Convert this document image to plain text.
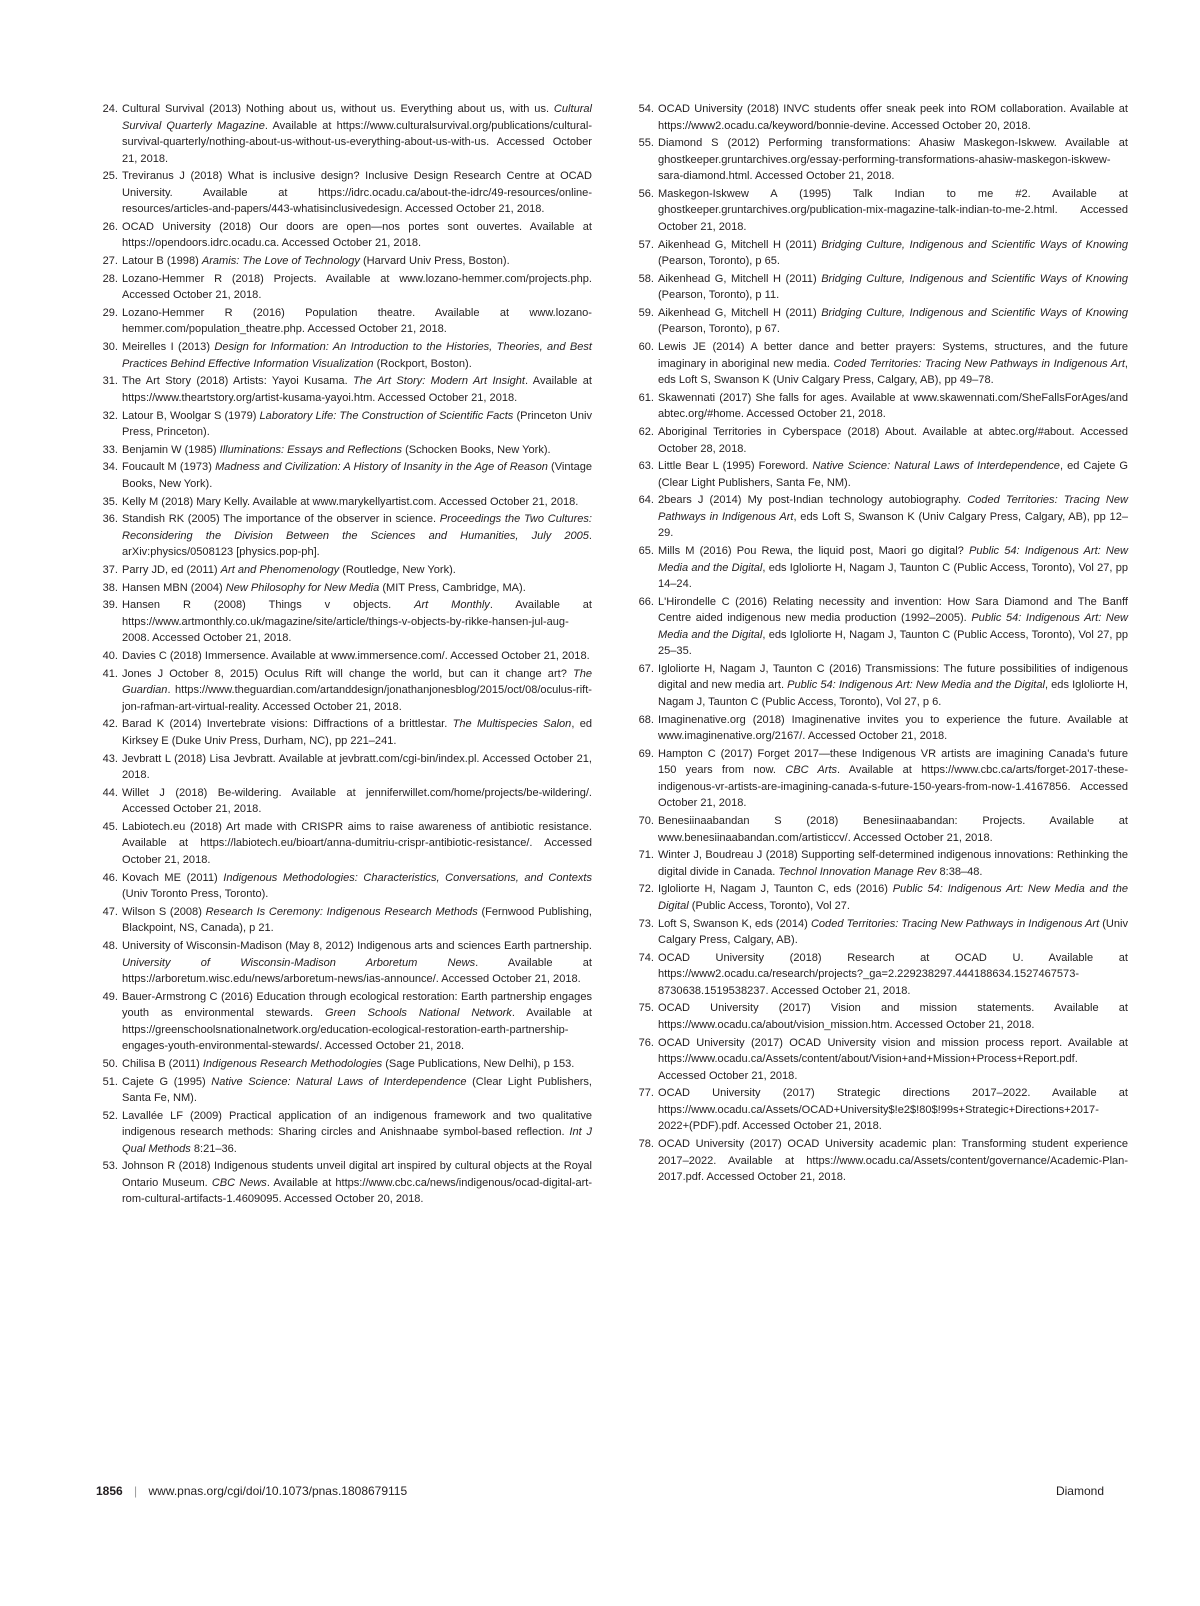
24. Cultural Survival (2013) Nothing about us, without us. Everything about us, with us. Cultural Survival Quarterly Magazine. Available at https://www.culturalsurvival.org/publications/cultural-survival-quarterly/nothing-about-us-without-us-everything-about-us-with-us. Accessed October 21, 2018.
25. Treviranus J (2018) What is inclusive design? Inclusive Design Research Centre at OCAD University. Available at https://idrc.ocadu.ca/about-the-idrc/49-resources/online-resources/articles-and-papers/443-whatisinclusivedesign. Accessed October 21, 2018.
26. OCAD University (2018) Our doors are open—nos portes sont ouvertes. Available at https://opendoors.idrc.ocadu.ca. Accessed October 21, 2018.
27. Latour B (1998) Aramis: The Love of Technology (Harvard Univ Press, Boston).
28. Lozano-Hemmer R (2018) Projects. Available at www.lozano-hemmer.com/projects.php. Accessed October 21, 2018.
29. Lozano-Hemmer R (2016) Population theatre. Available at www.lozano-hemmer.com/population_theatre.php. Accessed October 21, 2018.
30. Meirelles I (2013) Design for Information: An Introduction to the Histories, Theories, and Best Practices Behind Effective Information Visualization (Rockport, Boston).
31. The Art Story (2018) Artists: Yayoi Kusama. The Art Story: Modern Art Insight. Available at https://www.theartstory.org/artist-kusama-yayoi.htm. Accessed October 21, 2018.
32. Latour B, Woolgar S (1979) Laboratory Life: The Construction of Scientific Facts (Princeton Univ Press, Princeton).
33. Benjamin W (1985) Illuminations: Essays and Reflections (Schocken Books, New York).
34. Foucault M (1973) Madness and Civilization: A History of Insanity in the Age of Reason (Vintage Books, New York).
35. Kelly M (2018) Mary Kelly. Available at www.marykellyartist.com. Accessed October 21, 2018.
36. Standish RK (2005) The importance of the observer in science. Proceedings the Two Cultures: Reconsidering the Division Between the Sciences and Humanities, July 2005. arXiv:physics/0508123 [physics.pop-ph].
37. Parry JD, ed (2011) Art and Phenomenology (Routledge, New York).
38. Hansen MBN (2004) New Philosophy for New Media (MIT Press, Cambridge, MA).
39. Hansen R (2008) Things v objects. Art Monthly. Available at https://www.artmonthly.co.uk/magazine/site/article/things-v-objects-by-rikke-hansen-jul-aug-2008. Accessed October 21, 2018.
40. Davies C (2018) Immersence. Available at www.immersence.com/. Accessed October 21, 2018.
41. Jones J October 8, 2015) Oculus Rift will change the world, but can it change art? The Guardian. https://www.theguardian.com/artanddesign/jonathanjonesblog/2015/oct/08/oculus-rift-jon-rafman-art-virtual-reality. Accessed October 21, 2018.
42. Barad K (2014) Invertebrate visions: Diffractions of a brittlestar. The Multispecies Salon, ed Kirksey E (Duke Univ Press, Durham, NC), pp 221–241.
43. Jevbratt L (2018) Lisa Jevbratt. Available at jevbratt.com/cgi-bin/index.pl. Accessed October 21, 2018.
44. Willet J (2018) Be-wildering. Available at jenniferwillet.com/home/projects/be-wildering/. Accessed October 21, 2018.
45. Labiotech.eu (2018) Art made with CRISPR aims to raise awareness of antibiotic resistance. Available at https://labiotech.eu/bioart/anna-dumitriu-crispr-antibiotic-resistance/. Accessed October 21, 2018.
46. Kovach ME (2011) Indigenous Methodologies: Characteristics, Conversations, and Contexts (Univ Toronto Press, Toronto).
47. Wilson S (2008) Research Is Ceremony: Indigenous Research Methods (Fernwood Publishing, Blackpoint, NS, Canada), p 21.
48. University of Wisconsin-Madison (May 8, 2012) Indigenous arts and sciences Earth partnership. University of Wisconsin-Madison Arboretum News. Available at https://arboretum.wisc.edu/news/arboretum-news/ias-announce/. Accessed October 21, 2018.
49. Bauer-Armstrong C (2016) Education through ecological restoration: Earth partnership engages youth as environmental stewards. Green Schools National Network. Available at https://greenschoolsnationalnetwork.org/education-ecological-restoration-earth-partnership-engages-youth-environmental-stewards/. Accessed October 21, 2018.
50. Chilisa B (2011) Indigenous Research Methodologies (Sage Publications, New Delhi), p 153.
51. Cajete G (1995) Native Science: Natural Laws of Interdependence (Clear Light Publishers, Santa Fe, NM).
52. Lavallée LF (2009) Practical application of an indigenous framework and two qualitative indigenous research methods: Sharing circles and Anishnaabe symbol-based reflection. Int J Qual Methods 8:21–36.
53. Johnson R (2018) Indigenous students unveil digital art inspired by cultural objects at the Royal Ontario Museum. CBC News. Available at https://www.cbc.ca/news/indigenous/ocad-digital-art-rom-cultural-artifacts-1.4609095. Accessed October 20, 2018.
54. OCAD University (2018) INVC students offer sneak peek into ROM collaboration. Available at https://www2.ocadu.ca/keyword/bonnie-devine. Accessed October 20, 2018.
55. Diamond S (2012) Performing transformations: Ahasiw Maskegon-Iskwew. Available at ghostkeeper.gruntarchives.org/essay-performing-transformations-ahasiw-maskegon-iskwew-sara-diamond.html. Accessed October 21, 2018.
56. Maskegon-Iskwew A (1995) Talk Indian to me #2. Available at ghostkeeper.gruntarchives.org/publication-mix-magazine-talk-indian-to-me-2.html. Accessed October 21, 2018.
57. Aikenhead G, Mitchell H (2011) Bridging Culture, Indigenous and Scientific Ways of Knowing (Pearson, Toronto), p 65.
58. Aikenhead G, Mitchell H (2011) Bridging Culture, Indigenous and Scientific Ways of Knowing (Pearson, Toronto), p 11.
59. Aikenhead G, Mitchell H (2011) Bridging Culture, Indigenous and Scientific Ways of Knowing (Pearson, Toronto), p 67.
60. Lewis JE (2014) A better dance and better prayers: Systems, structures, and the future imaginary in aboriginal new media. Coded Territories: Tracing New Pathways in Indigenous Art, eds Loft S, Swanson K (Univ Calgary Press, Calgary, AB), pp 49–78.
61. Skawennati (2017) She falls for ages. Available at www.skawennati.com/SheFallsForAges/and abtec.org/#home. Accessed October 21, 2018.
62. Aboriginal Territories in Cyberspace (2018) About. Available at abtec.org/#about. Accessed October 28, 2018.
63. Little Bear L (1995) Foreword. Native Science: Natural Laws of Interdependence, ed Cajete G (Clear Light Publishers, Santa Fe, NM).
64. 2bears J (2014) My post-Indian technology autobiography. Coded Territories: Tracing New Pathways in Indigenous Art, eds Loft S, Swanson K (Univ Calgary Press, Calgary, AB), pp 12–29.
65. Mills M (2016) Pou Rewa, the liquid post, Maori go digital? Public 54: Indigenous Art: New Media and the Digital, eds Igloliorte H, Nagam J, Taunton C (Public Access, Toronto), Vol 27, pp 14–24.
66. L'Hirondelle C (2016) Relating necessity and invention: How Sara Diamond and The Banff Centre aided indigenous new media production (1992–2005). Public 54: Indigenous Art: New Media and the Digital, eds Igloliorte H, Nagam J, Taunton C (Public Access, Toronto), Vol 27, pp 25–35.
67. Igloliorte H, Nagam J, Taunton C (2016) Transmissions: The future possibilities of indigenous digital and new media art. Public 54: Indigenous Art: New Media and the Digital, eds Igloliorte H, Nagam J, Taunton C (Public Access, Toronto), Vol 27, p 6.
68. Imaginenative.org (2018) Imaginenative invites you to experience the future. Available at www.imaginenative.org/2167/. Accessed October 21, 2018.
69. Hampton C (2017) Forget 2017—these Indigenous VR artists are imagining Canada's future 150 years from now. CBC Arts. Available at https://www.cbc.ca/arts/forget-2017-these-indigenous-vr-artists-are-imagining-canada-s-future-150-years-from-now-1.4167856. Accessed October 21, 2018.
70. Benesiinaabandan S (2018) Benesiinaabandan: Projects. Available at www.benesiinaabandan.com/artisticcv/. Accessed October 21, 2018.
71. Winter J, Boudreau J (2018) Supporting self-determined indigenous innovations: Rethinking the digital divide in Canada. Technol Innovation Manage Rev 8:38–48.
72. Igloliorte H, Nagam J, Taunton C, eds (2016) Public 54: Indigenous Art: New Media and the Digital (Public Access, Toronto), Vol 27.
73. Loft S, Swanson K, eds (2014) Coded Territories: Tracing New Pathways in Indigenous Art (Univ Calgary Press, Calgary, AB).
74. OCAD University (2018) Research at OCAD U. Available at https://www2.ocadu.ca/research/projects?_ga=2.229238297.444188634.1527467573-8730638.1519538237. Accessed October 21, 2018.
75. OCAD University (2017) Vision and mission statements. Available at https://www.ocadu.ca/about/vision_mission.htm. Accessed October 21, 2018.
76. OCAD University (2017) OCAD University vision and mission process report. Available at https://www.ocadu.ca/Assets/content/about/Vision+and+Mission+Process+Report.pdf. Accessed October 21, 2018.
77. OCAD University (2017) Strategic directions 2017–2022. Available at https://www.ocadu.ca/Assets/OCAD+University$!e2$!80$!99s+Strategic+Directions+2017-2022+(PDF).pdf. Accessed October 21, 2018.
78. OCAD University (2017) OCAD University academic plan: Transforming student experience 2017–2022. Available at https://www.ocadu.ca/Assets/content/governance/Academic-Plan-2017.pdf. Accessed October 21, 2018.
1856 | www.pnas.org/cgi/doi/10.1073/pnas.1808679115	Diamond
